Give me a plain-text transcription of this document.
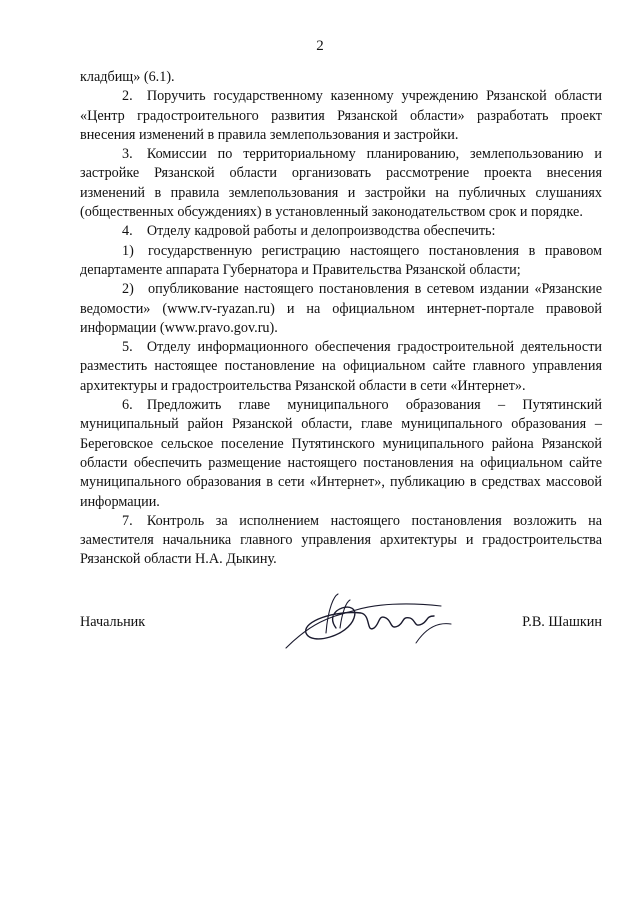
2

кладбищ» (6.1).

2. Поручить государственному казенному учреждению Рязанской области «Центр градостроительного развития Рязанской области» разработать проект внесения изменений в правила землепользования и застройки.

3. Комиссии по территориальному планированию, землепользованию и застройке Рязанской области организовать рассмотрение проекта внесения изменений в правила землепользования и застройки на публичных слушаниях (общественных обсуждениях) в установленный законодательством срок и порядке.

4. Отделу кадровой работы и делопроизводства обеспечить:

1) государственную регистрацию настоящего постановления в правовом департаменте аппарата Губернатора и Правительства Рязанской области;

2) опубликование настоящего постановления в сетевом издании «Рязанские ведомости» (www.rv-ryazan.ru) и на официальном интернет-портале правовой информации (www.pravo.gov.ru).

5. Отделу информационного обеспечения градостроительной деятельности разместить настоящее постановление на официальном сайте главного управления архитектуры и градостроительства Рязанской области в сети «Интернет».

6. Предложить главе муниципального образования – Путятинский муниципальный район Рязанской области, главе муниципального образования – Береговское сельское поселение Путятинского муниципального района Рязанской области обеспечить размещение настоящего постановления на официальном сайте муниципального образования в сети «Интернет», публикацию в средствах массовой информации.

7. Контроль за исполнением настоящего постановления возложить на заместителя начальника главного управления архитектуры и градостроительства Рязанской области Н.А. Дыкину.

Начальник	Р.В. Шашкин
